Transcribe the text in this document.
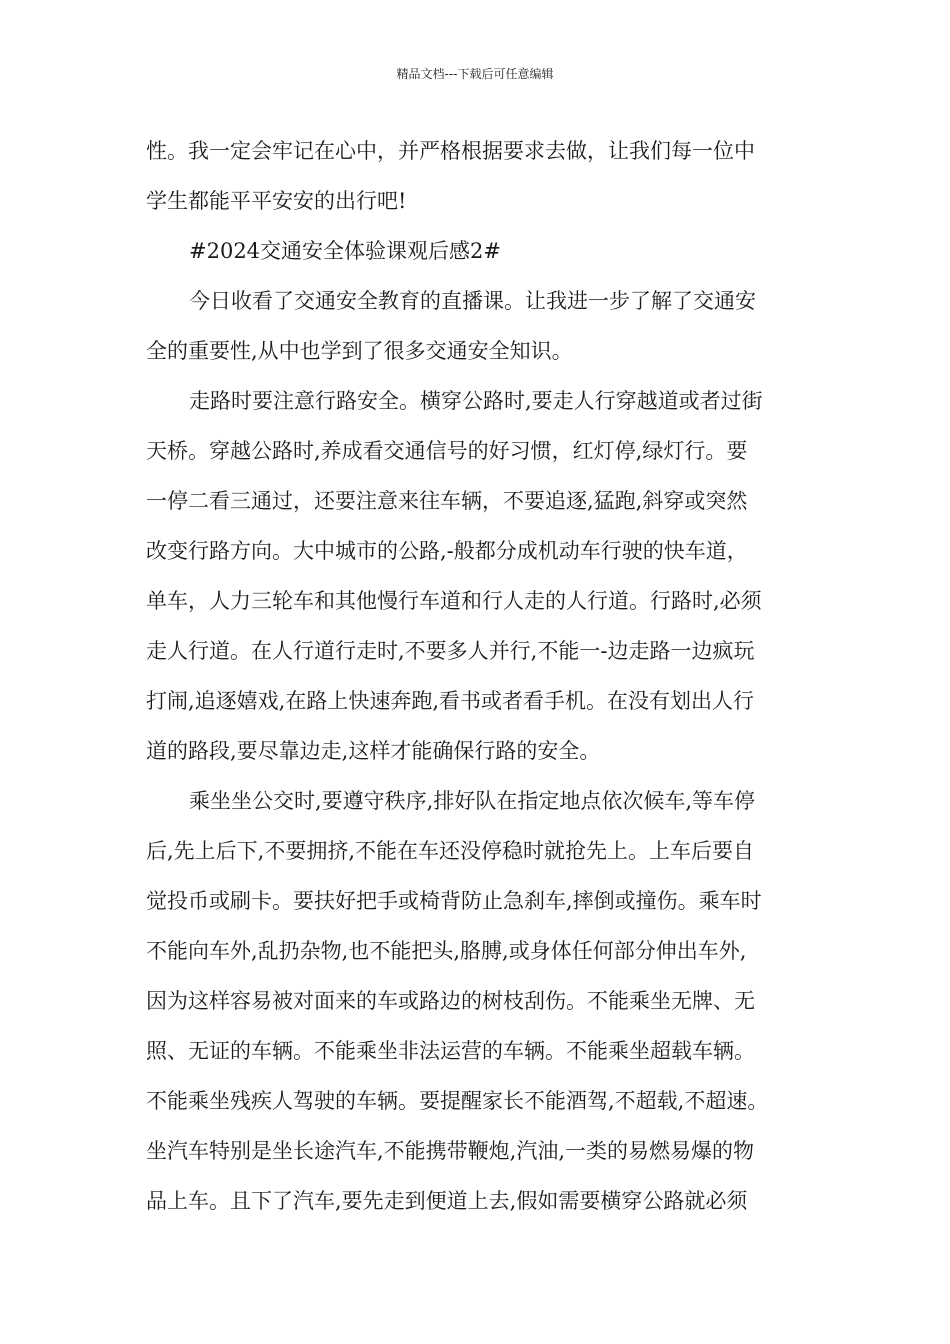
精品文档---下载后可任意编辑
性。我一定会牢记在心中，并严格根据要求去做，让我们每一位中
学生都能平平安安的出行吧!
#2024交通安全体验课观后感2#
今日收看了交通安全教育的直播课。让我进一步了解了交通安
全的重要性,从中也学到了很多交通安全知识。
走路时要注意行路安全。横穿公路时,要走人行穿越道或者过街
天桥。穿越公路时,养成看交通信号的好习惯，红灯停,绿灯行。要
一停二看三通过，还要注意来往车辆，不要追逐,猛跑,斜穿或突然
改变行路方向。大中城市的公路,-般都分成机动车行驶的快车道，
单车，人力三轮车和其他慢行车道和行人走的人行道。行路时,必须
走人行道。在人行道行走时,不要多人并行,不能一-边走路一边疯玩
打闹,追逐嬉戏,在路上快速奔跑,看书或者看手机。在没有划出人行
道的路段,要尽靠边走,这样才能确保行路的安全。
乘坐坐公交时,要遵守秩序,排好队在指定地点依次候车,等车停
后,先上后下,不要拥挤,不能在车还没停稳时就抢先上。上车后要自
觉投币或刷卡。要扶好把手或椅背防止急刹车,摔倒或撞伤。乘车时
不能向车外,乱扔杂物,也不能把头,胳膊,或身体任何部分伸出车外,
因为这样容易被对面来的车或路边的树枝刮伤。不能乘坐无牌、无
照、无证的车辆。不能乘坐非法运营的车辆。不能乘坐超载车辆。
不能乘坐残疾人驾驶的车辆。要提醒家长不能酒驾,不超载,不超速。
坐汽车特别是坐长途汽车,不能携带鞭炮,汽油,一类的易燃易爆的物
品上车。且下了汽车,要先走到便道上去,假如需要横穿公路就必须
